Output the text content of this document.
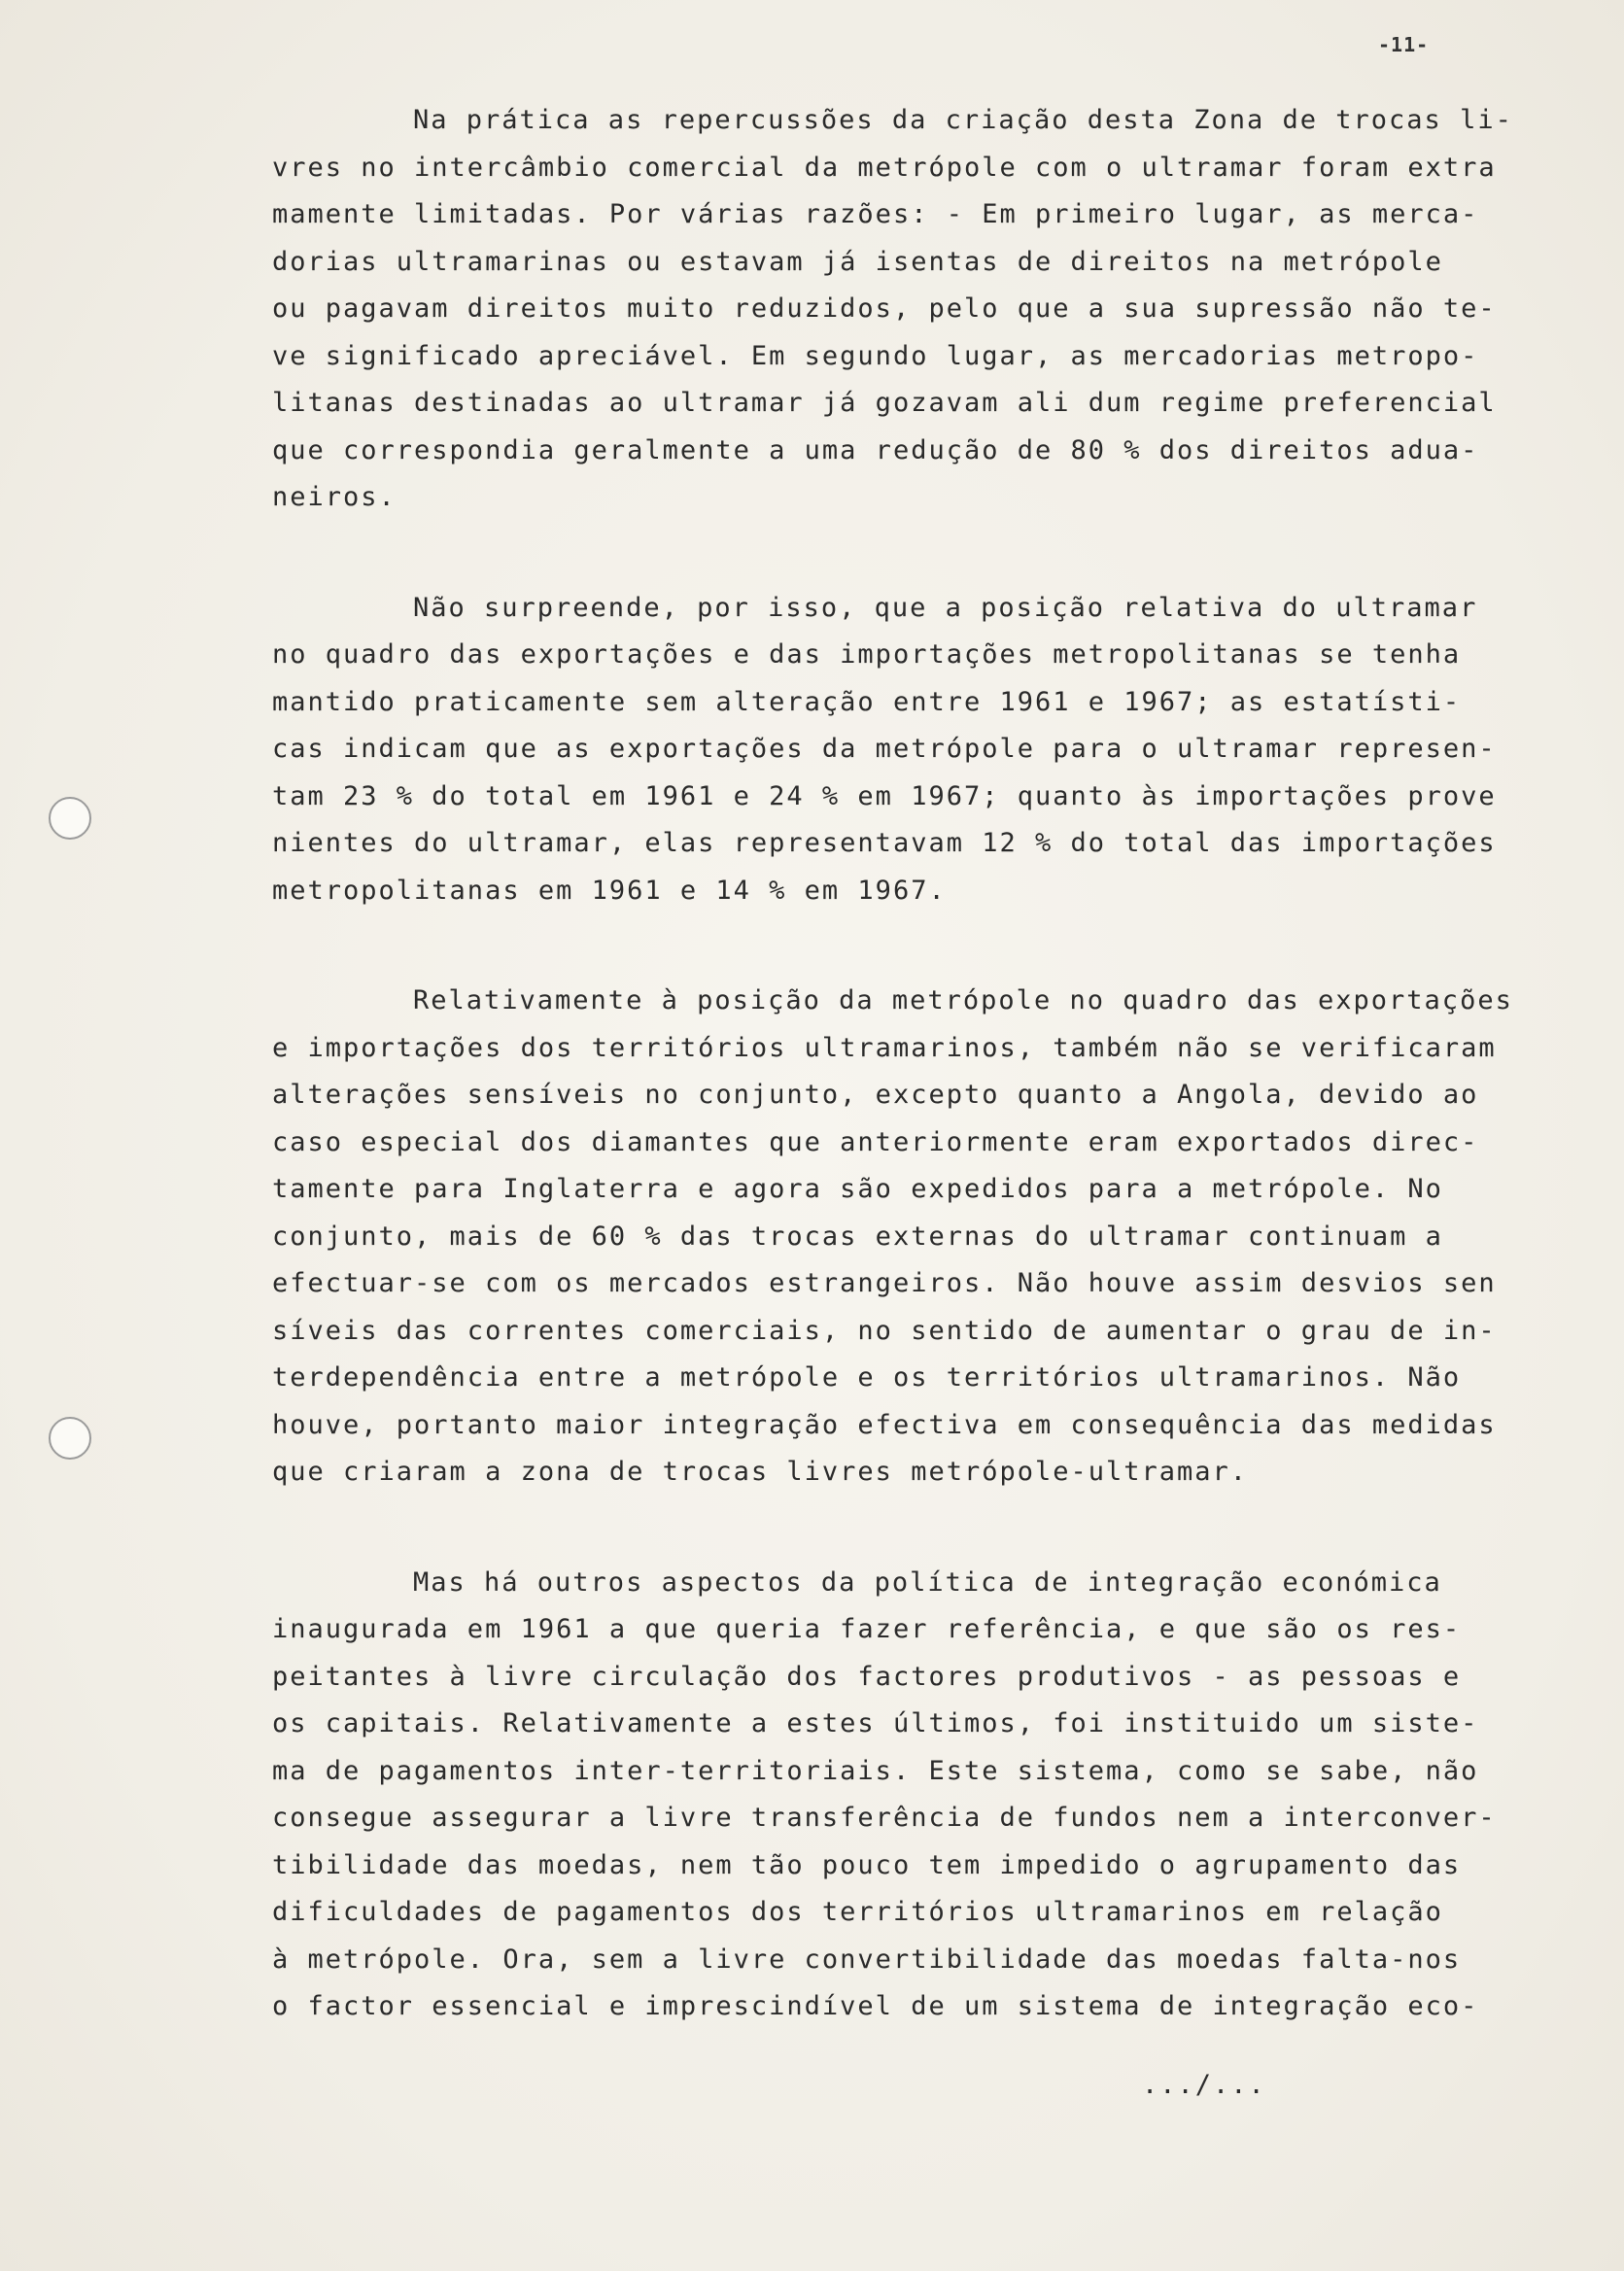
-11-

Na prática as repercussões da criação desta Zona de trocas li-
vres no intercâmbio comercial da metrópole com o ultramar foram extra
mamente limitadas. Por várias razões: - Em primeiro lugar, as merca-
dorias ultramarinas ou estavam já isentas de direitos na metrópole
ou pagavam direitos muito reduzidos, pelo que a sua supressão não te-
ve significado apreciável. Em segundo lugar, as mercadorias metropo-
litanas destinadas ao ultramar já gozavam ali dum regime preferencial
que correspondia geralmente a uma redução de 80 % dos direitos adua-
neiros.

Não surpreende, por isso, que a posição relativa do ultramar
no quadro das exportações e das importações metropolitanas se tenha
mantido praticamente sem alteração entre 1961 e 1967; as estatísti-
cas indicam que as exportações da metrópole para o ultramar represen-
tam 23 % do total em 1961 e 24 % em 1967; quanto às importações prove
nientes do ultramar, elas representavam 12 % do total das importações
metropolitanas em 1961 e 14 % em 1967.

Relativamente à posição da metrópole no quadro das exportações
e importações dos territórios ultramarinos, também não se verificaram
alterações sensíveis no conjunto, excepto quanto a Angola, devido ao
caso especial dos diamantes que anteriormente eram exportados direc-
tamente para Inglaterra e agora são expedidos para a metrópole. No
conjunto, mais de 60 % das trocas externas do ultramar continuam a
efectuar-se com os mercados estrangeiros. Não houve assim desvios sen
síveis das correntes comerciais, no sentido de aumentar o grau de in-
terdependência entre a metrópole e os territórios ultramarinos. Não
houve, portanto maior integração efectiva em consequência das medidas
que criaram a zona de trocas livres metrópole-ultramar.

Mas há outros aspectos da política de integração económica
inaugurada em 1961 a que queria fazer referência, e que são os res-
peitantes à livre circulação dos factores produtivos - as pessoas e
os capitais. Relativamente a estes últimos, foi instituido um siste-
ma de pagamentos inter-territoriais. Este sistema, como se sabe, não
consegue assegurar a livre transferência de fundos nem a interconver-
tibilidade das moedas, nem tão pouco tem impedido o agrupamento das
dificuldades de pagamentos dos territórios ultramarinos em relação
à metrópole. Ora, sem a livre convertibilidade das moedas falta-nos
o factor essencial e imprescindível de um sistema de integração eco-

.../...
